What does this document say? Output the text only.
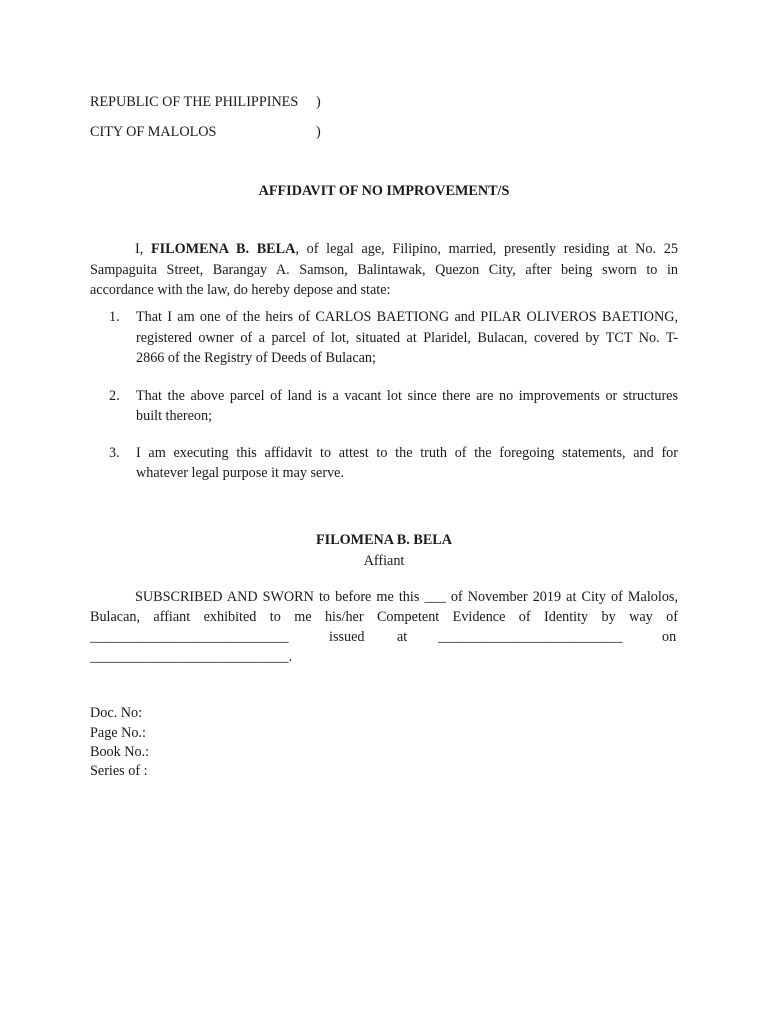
REPUBLIC OF THE PHILIPPINES )
CITY OF MALOLOS	)
AFFIDAVIT OF NO IMPROVEMENT/S
I, FILOMENA B. BELA, of legal age, Filipino, married, presently residing at No. 25
Sampaguita Street, Barangay A. Samson, Balintawak, Quezon City, after being sworn to in
accordance with the law, do hereby depose and state:
1. That I am one of the heirs of CARLOS BAETIONG and PILAR OLIVEROS BAETIONG,
registered owner of a parcel of lot, situated at Plaridel, Bulacan, covered by TCT No. T-
2866 of the Registry of Deeds of Bulacan;
2. That the above parcel of land is a vacant lot since there are no improvements or structures
built thereon;
3. I am executing this affidavit to attest to the truth of the foregoing statements, and for
whatever legal purpose it may serve.
FILOMENA B. BELA
Affiant
SUBSCRIBED AND SWORN to before me this ___ of November 2019 at City of Malolos,
Bulacan, affiant exhibited to me his/her Competent Evidence of Identity by way of
____________________________	issued at __________________________	on
____________________________.
Doc. No:
Page No.:
Book No.:
Series of :
